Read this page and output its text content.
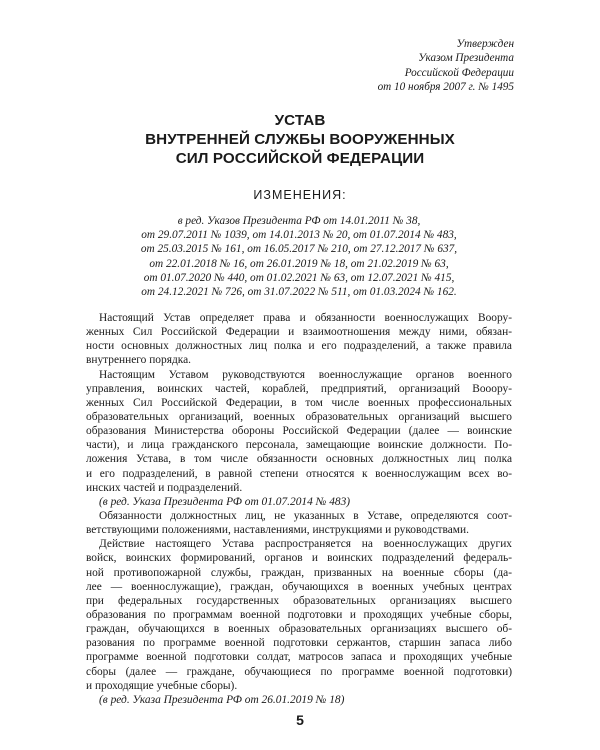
Утвержден
Указом Президента
Российской Федерации
от 10 ноября 2007 г. № 1495
УСТАВ
ВНУТРЕННЕЙ СЛУЖБЫ ВООРУЖЕННЫХ
СИЛ РОССИЙСКОЙ ФЕДЕРАЦИИ
ИЗМЕНЕНИЯ:
в ред. Указов Президента РФ от 14.01.2011 № 38,
от 29.07.2011 № 1039, от 14.01.2013 № 20, от 01.07.2014 № 483,
от 25.03.2015 № 161, от 16.05.2017 № 210, от 27.12.2017 № 637,
от 22.01.2018 № 16, от 26.01.2019 № 18, от 21.02.2019 № 63,
от 01.07.2020 № 440, от 01.02.2021 № 63, от 12.07.2021 № 415,
от 24.12.2021 № 726, от 31.07.2022 № 511, от 01.03.2024 № 162.
Настоящий Устав определяет права и обязанности военнослужащих Воору-
женных Сил Российской Федерации и взаимоотношения между ними, обязан-
ности основных должностных лиц полка и его подразделений, а также правила
внутреннего порядка.
Настоящим Уставом руководствуются военнослужащие органов военного
управления, воинских частей, кораблей, предприятий, организаций Вооору-
женных Сил Российской Федерации, в том числе военных профессиональных
образовательных организаций, военных образовательных организаций высшего
образования Министерства обороны Российской Федерации (далее — воинские
части), и лица гражданского персонала, замещающие воинские должности. По-
ложения Устава, в том числе обязанности основных должностных лиц полка
и его подразделений, в равной степени относятся к военнослужащим всех во-
инских частей и подразделений.
(в ред. Указа Президента РФ от 01.07.2014 № 483)
Обязанности должностных лиц, не указанных в Уставе, определяются соот-
ветствующими положениями, наставлениями, инструкциями и руководствами.
Действие настоящего Устава распространяется на военнослужащих других
войск, воинских формирований, органов и воинских подразделений федераль-
ной противопожарной службы, граждан, призванных на военные сборы (да-
лее — военнослужащие), граждан, обучающихся в военных учебных центрах
при федеральных государственных образовательных организациях высшего
образования по программам военной подготовки и проходящих учебные сборы,
граждан, обучающихся в военных образовательных организациях высшего об-
разования по программе военной подготовки сержантов, старшин запаса либо
программе военной подготовки солдат, матросов запаса и проходящих учебные
сборы (далее — граждане, обучающиеся по программе военной подготовки)
и проходящие учебные сборы).
(в ред. Указа Президента РФ от 26.01.2019 № 18)
5
